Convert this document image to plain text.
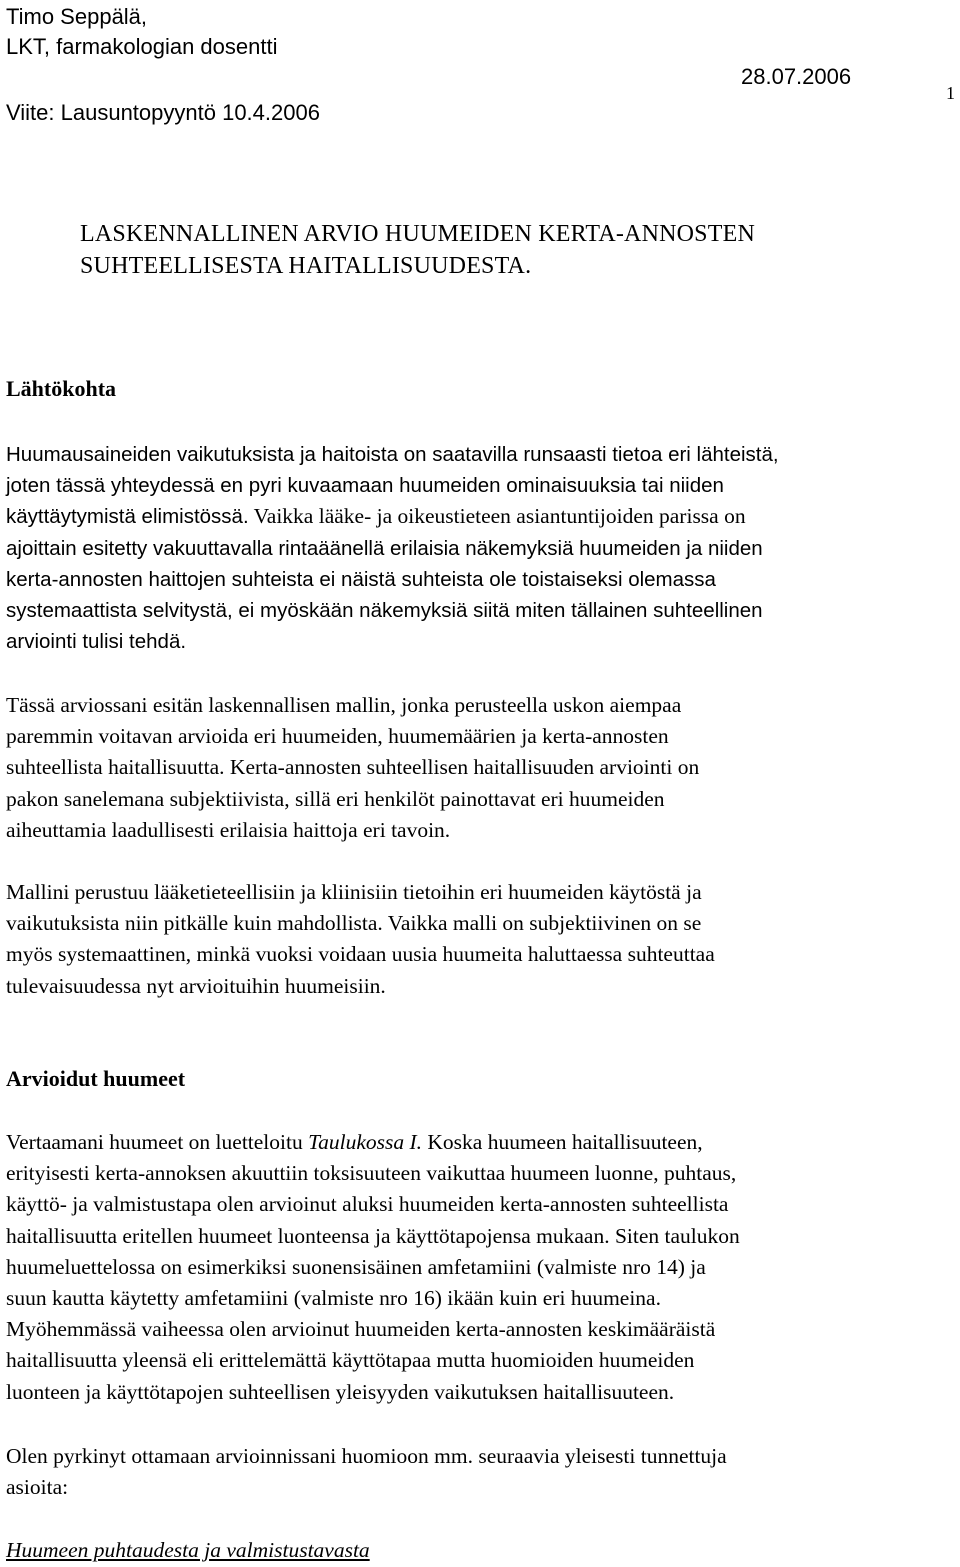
Timo Seppälä,
LKT, farmakologian dosentti
28.07.2006
1
Viite: Lausuntopyyntö 10.4.2006
LASKENNALLINEN ARVIO HUUMEIDEN KERTA-ANNOSTEN
SUHTEELLISESTA HAITALLISUUDESTA.
Lähtökohta
Huumausaineiden vaikutuksista ja haitoista on saatavilla runsaasti tietoa eri lähteistä,
joten tässä yhteydessä en pyri kuvaamaan huumeiden ominaisuuksia tai niiden
käyttäytymistä elimistössä. Vaikka lääke- ja oikeustieteen asiantuntijoiden parissa on
ajoittain esitetty vakuuttavalla rintaäänellä erilaisia näkemyksiä huumeiden ja niiden
kerta-annosten haittojen suhteista ei näistä suhteista ole toistaiseksi olemassa
systemaattista selvitystä, ei myöskään näkemyksiä siitä miten tällainen suhteellinen
arviointi tulisi tehdä.
Tässä arviossani esitän laskennallisen mallin, jonka perusteella uskon aiempaa
paremmin voitavan arvioida eri huumeiden, huumemäärien ja kerta-annosten
suhteellista haitallisuutta. Kerta-annosten suhteellisen haitallisuuden arviointi on
pakon sanelemana subjektiivista, sillä eri henkilöt painottavat eri huumeiden
aiheuttamia laadullisesti erilaisia haittoja eri tavoin.
Mallini perustuu lääketieteellisiin ja kliinisiin tietoihin eri huumeiden käytöstä ja
vaikutuksista niin pitkälle kuin mahdollista. Vaikka malli on subjektiivinen on se
myös systemaattinen, minkä vuoksi voidaan uusia huumeita haluttaessa suhteuttaa
tulevaisuudessa nyt arvioituihin huumeisiin.
Arvioidut huumeet
Vertaamani huumeet on luetteloitu Taulukossa I. Koska huumeen haitallisuuteen,
erityisesti kerta-annoksen akuuttiin toksisuuteen vaikuttaa huumeen luonne, puhtaus,
käyttö- ja valmistustapa olen arvioinut aluksi huumeiden kerta-annosten suhteellista
haitallisuutta eritellen huumeet luonteensa ja käyttötapojensa mukaan. Siten taulukon
huumeluettelossa on esimerkiksi suonensisäinen amfetamiini (valmiste nro 14) ja
suun kautta käytetty amfetamiini (valmiste nro 16) ikään kuin eri huumeina.
Myöhemmässä vaiheessa olen arvioinut huumeiden kerta-annosten keskimääräistä
haitallisuutta yleensä eli erittelemättä käyttötapaa mutta huomioiden huumeiden
luonteen ja käyttötapojen suhteellisen yleisyyden vaikutuksen haitallisuuteen.
Olen pyrkinyt ottamaan arvioinnissani huomioon mm. seuraavia yleisesti tunnettuja
asioita:
Huumeen puhtaudesta ja valmistustavasta
